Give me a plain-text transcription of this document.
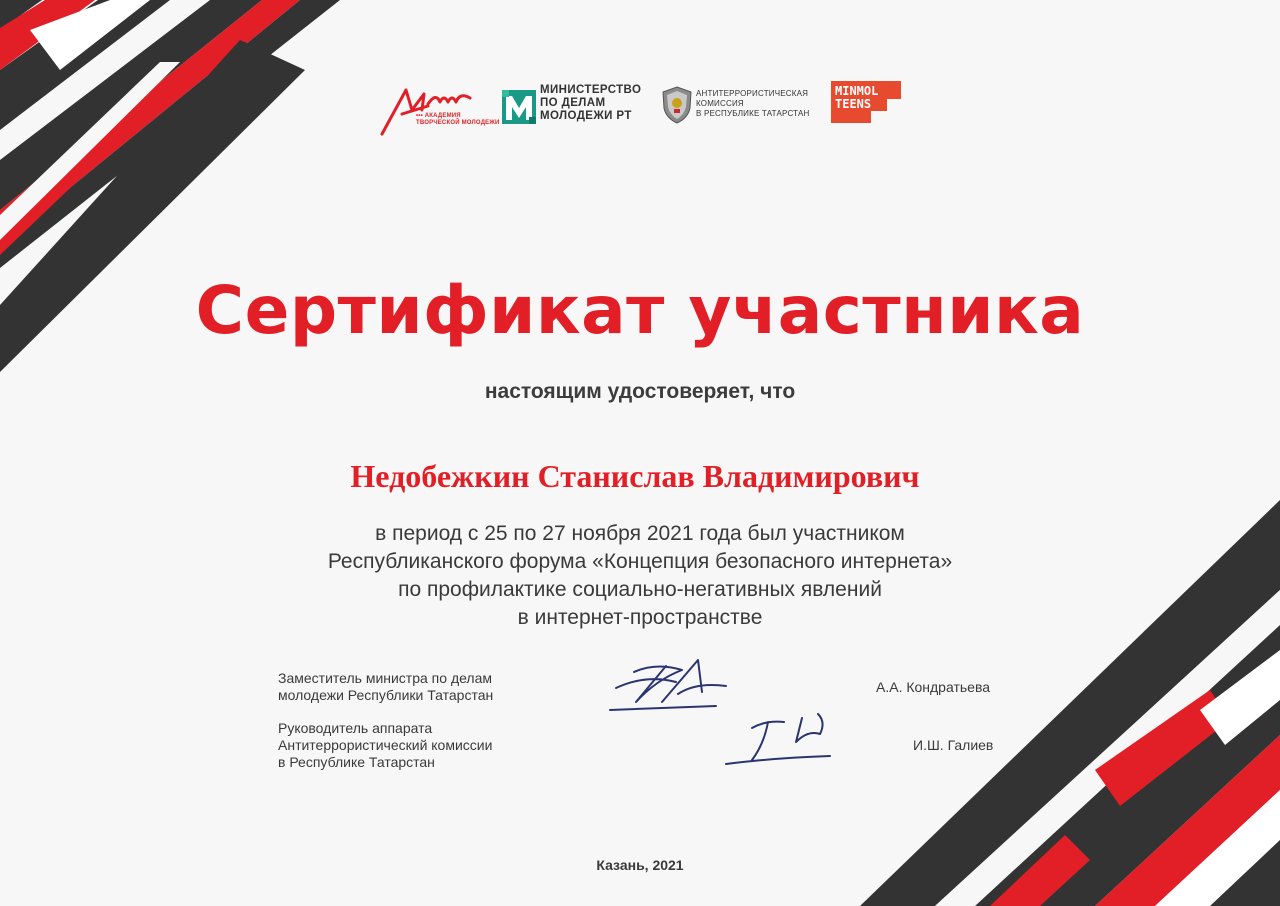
••• АКАДЕМИЯ
ТВОРЧЕСКОЙ МОЛОДЕЖИ
МИНИСТЕРСТВО
ПО ДЕЛАМ
МОЛОДЕЖИ РТ
АНТИТЕРРОРИСТИЧЕСКАЯ
КОМИССИЯ
В РЕСПУБЛИКЕ ТАТАРСТАН
MINMOL
TEENS
Сертификат участника
настоящим удостоверяет, что
Недобежкин Станислав Владимирович
в период с 25 по 27 ноября 2021 года был участником
Республиканского форума «Концепция безопасного интернета»
по профилактике социально-негативных явлений
в интернет-пространстве
Заместитель министра по делам
молодежи Республики Татарстан	А.А. Кондратьева
Руководитель аппарата
Антитеррористический комиссии
в Республике Татарстан
И.Ш. Галиев
Казань, 2021
